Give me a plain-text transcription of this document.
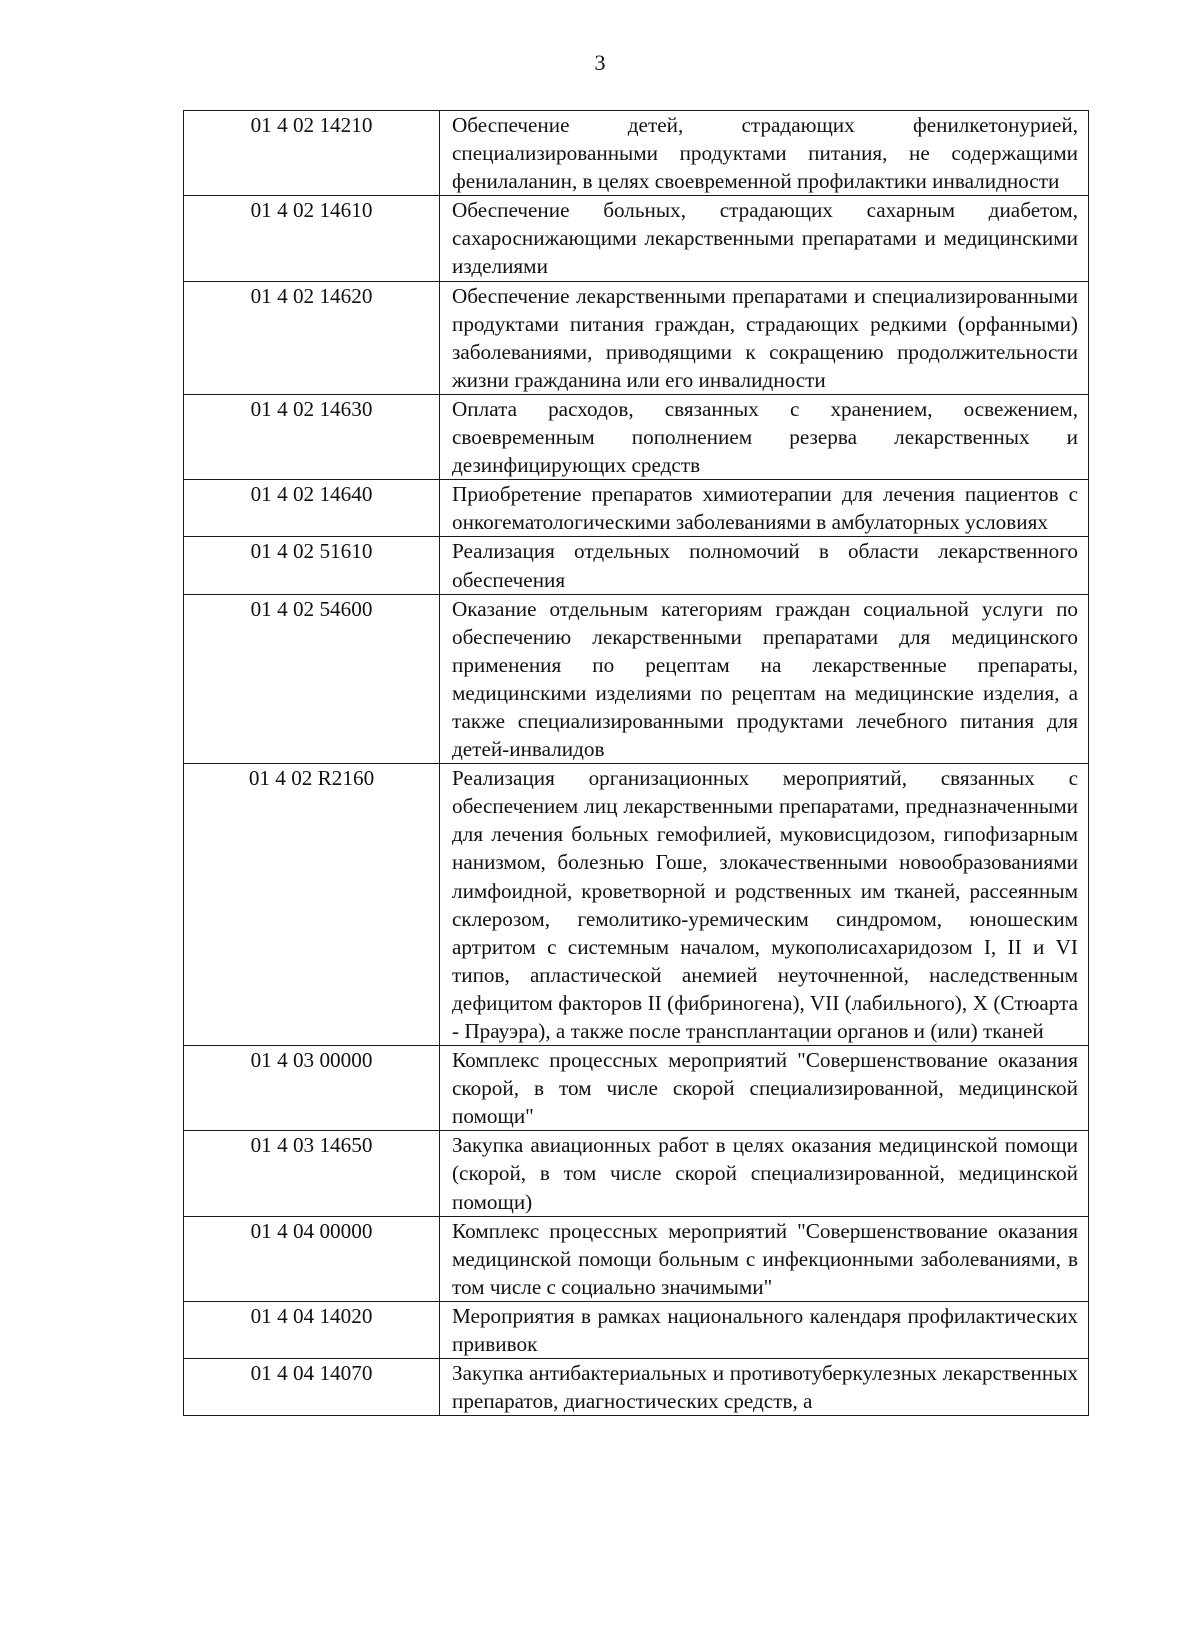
3
01 4 02 14210	Обеспечение детей, страдающих фенилкетонурией, специализированными продуктами питания, не содержащими фенилаланин, в целях своевременной профилактики инвалидности
01 4 02 14610	Обеспечение больных, страдающих сахарным диабетом, сахароснижающими лекарственными препаратами и медицинскими изделиями
01 4 02 14620	Обеспечение лекарственными препаратами и специализированными продуктами питания граждан, страдающих редкими (орфанными) заболеваниями, приводящими к сокращению продолжительности жизни гражданина или его инвалидности
01 4 02 14630	Оплата расходов, связанных с хранением, освежением, своевременным пополнением резерва лекарственных и дезинфицирующих средств
01 4 02 14640	Приобретение препаратов химиотерапии для лечения пациентов с онкогематологическими заболеваниями в амбулаторных условиях
01 4 02 51610	Реализация отдельных полномочий в области лекарственного обеспечения
01 4 02 54600	Оказание отдельным категориям граждан социальной услуги по обеспечению лекарственными препаратами для медицинского применения по рецептам на лекарственные препараты, медицинскими изделиями по рецептам на медицинские изделия, а также специализированными продуктами лечебного питания для детей-инвалидов
01 4 02 R2160	Реализация организационных мероприятий, связанных с обеспечением лиц лекарственными препаратами, предназначенными для лечения больных гемофилией, муковисцидозом, гипофизарным нанизмом, болезнью Гоше, злокачественными новообразованиями лимфоидной, кроветворной и родственных им тканей, рассеянным склерозом, гемолитико-уремическим синдромом, юношеским артритом с системным началом, мукополисахаридозом I, II и VI типов, апластической анемией неуточненной, наследственным дефицитом факторов II (фибриногена), VII (лабильного), X (Стюарта - Прауэра), а также после трансплантации органов и (или) тканей
01 4 03 00000	Комплекс процессных мероприятий "Совершенствование оказания скорой, в том числе скорой специализированной, медицинской помощи"
01 4 03 14650	Закупка авиационных работ в целях оказания медицинской помощи (скорой, в том числе скорой специализированной, медицинской помощи)
01 4 04 00000	Комплекс процессных мероприятий "Совершенствование оказания медицинской помощи больным с инфекционными заболеваниями, в том числе с социально значимыми"
01 4 04 14020	Мероприятия в рамках национального календаря профилактических прививок
01 4 04 14070	Закупка антибактериальных и противотуберкулезных лекарственных препаратов, диагностических средств, а
